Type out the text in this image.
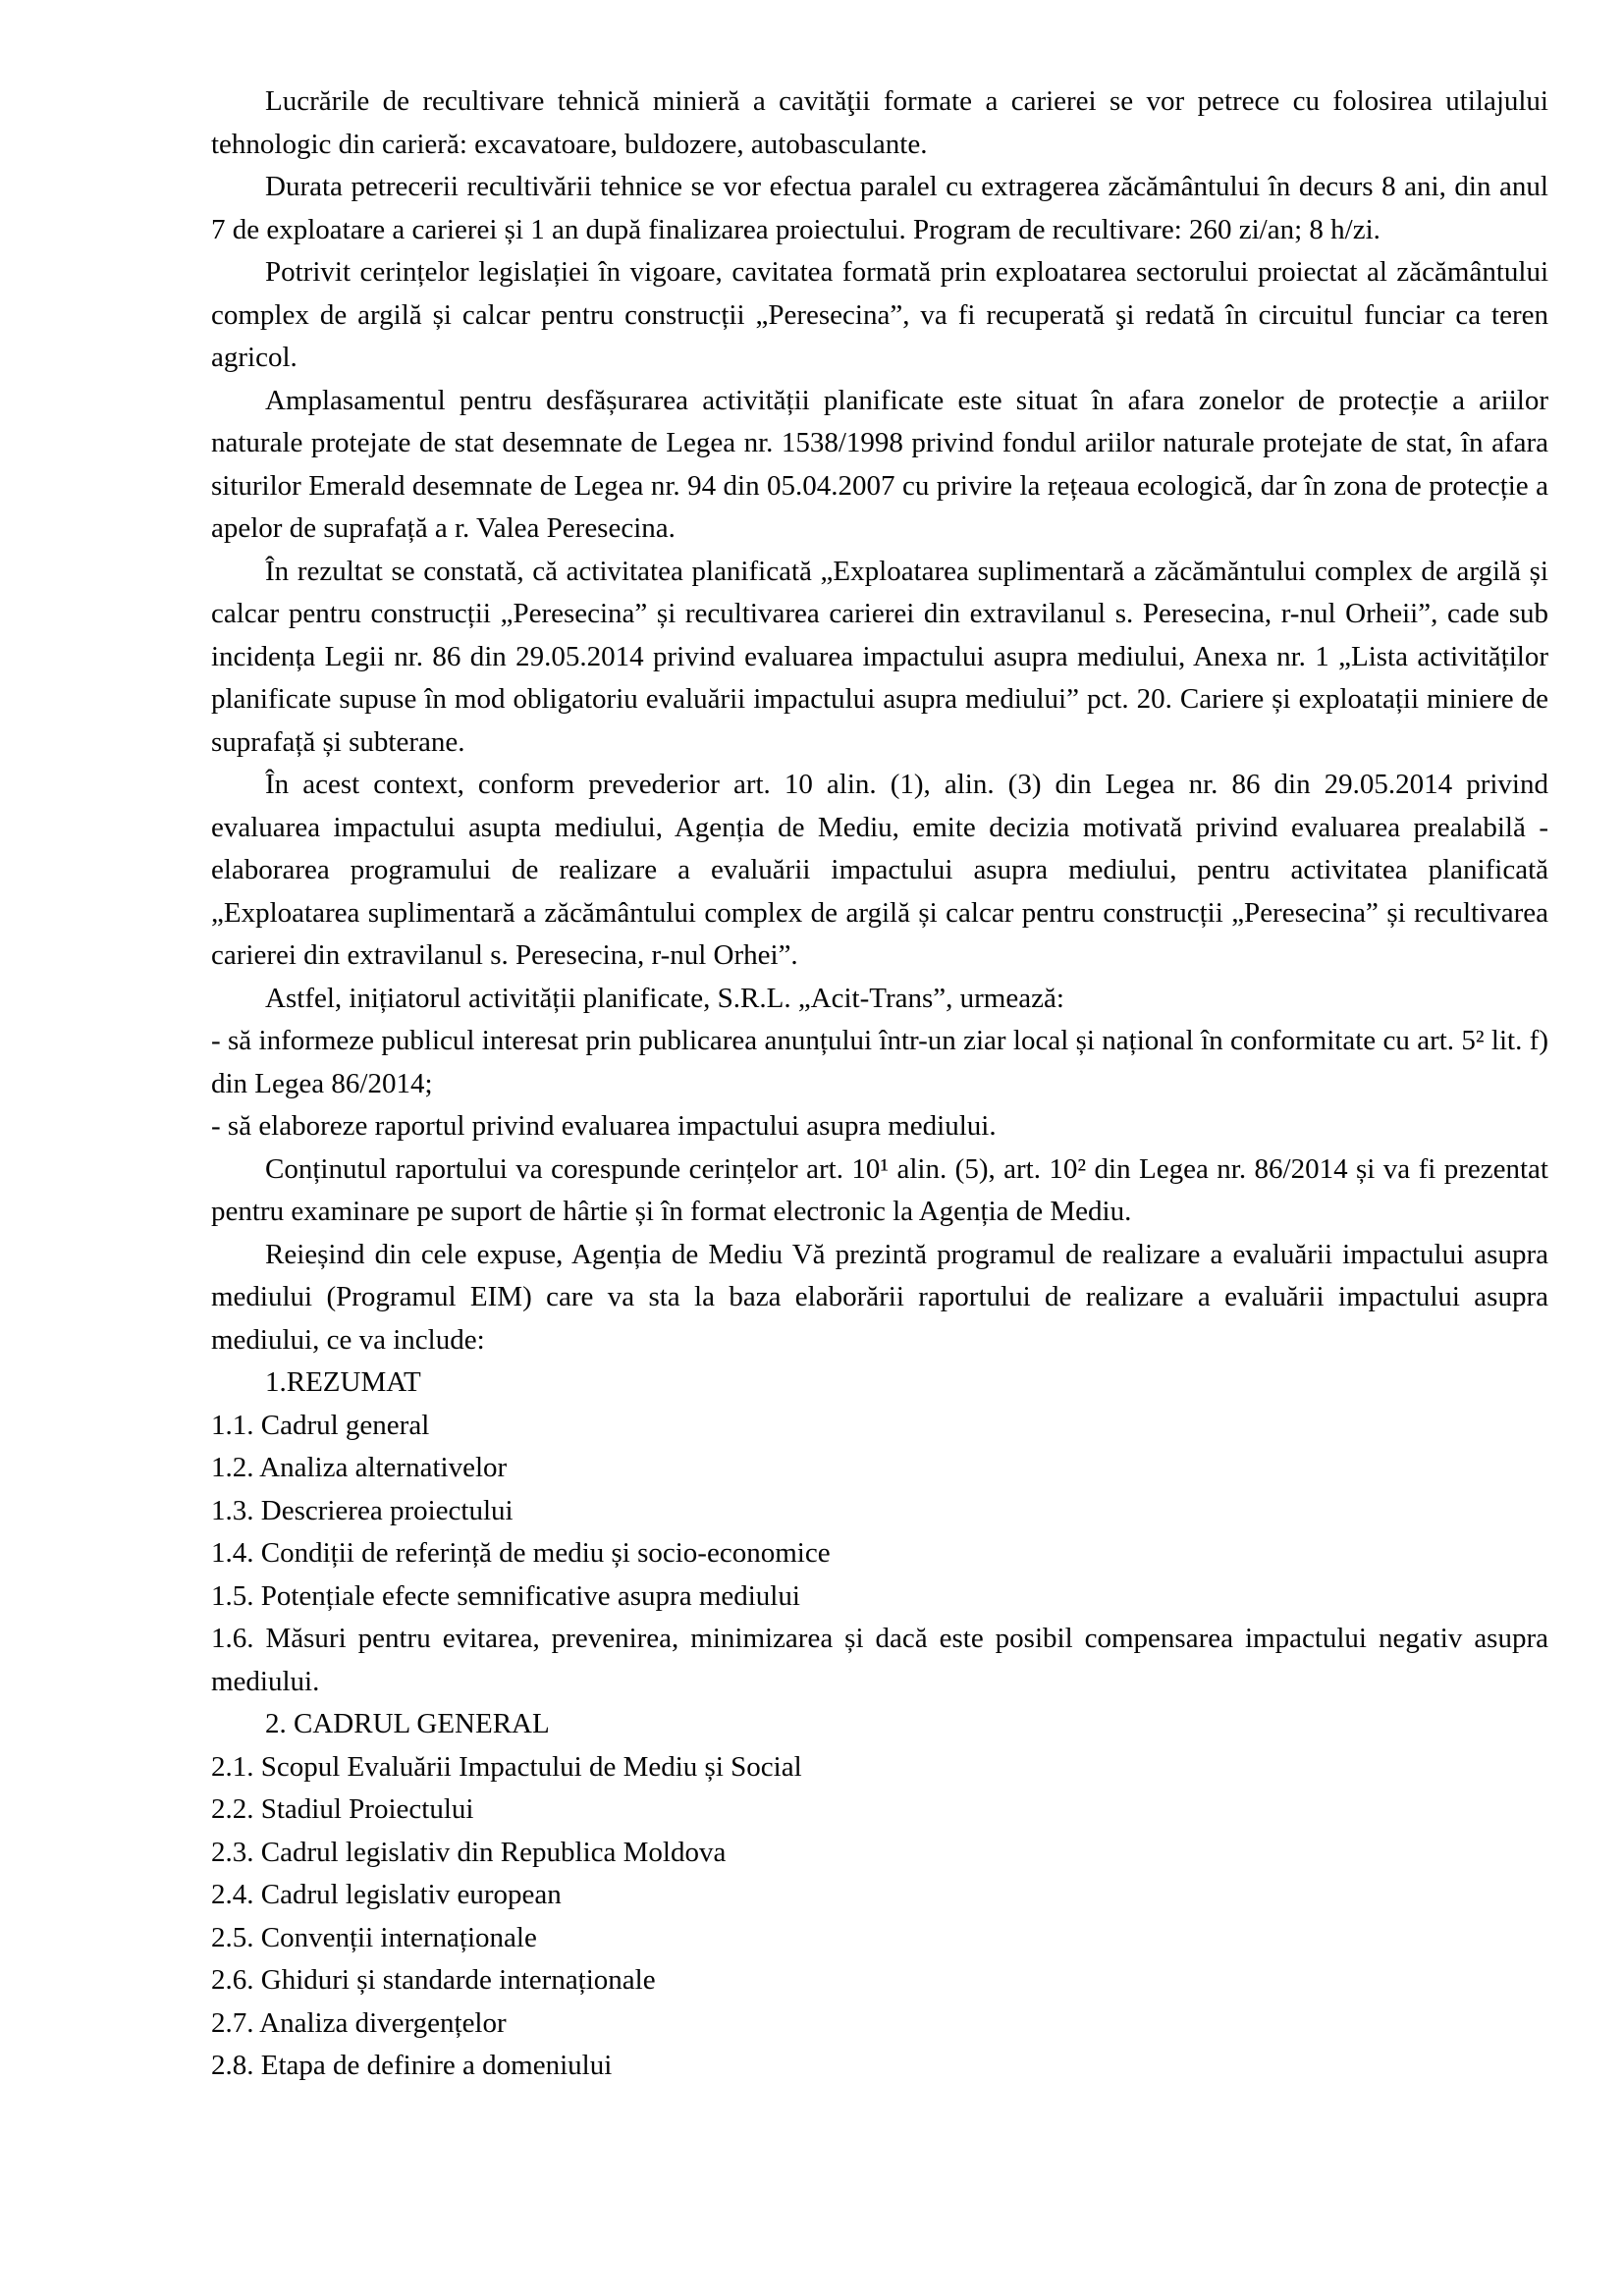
Lucrările de recultivare tehnică minieră a cavităţii formate a carierei se vor petrece cu folosirea utilajului tehnologic din carieră: excavatoare, buldozere, autobasculante.

Durata petrecerii recultivării tehnice se vor efectua paralel cu extragerea zăcământului în decurs 8 ani, din anul 7 de exploatare a carierei și 1 an după finalizarea proiectului. Program de recultivare: 260 zi/an; 8 h/zi.

Potrivit cerințelor legislației în vigoare, cavitatea formată prin exploatarea sectorului proiectat al zăcământului complex de argilă și calcar pentru construcții „Peresecina”, va fi recuperată şi redată în circuitul funciar ca teren agricol.

Amplasamentul pentru desfășurarea activității planificate este situat în afara zonelor de protecție a ariilor naturale protejate de stat desemnate de Legea nr. 1538/1998 privind fondul ariilor naturale protejate de stat, în afara siturilor Emerald desemnate de Legea nr. 94 din 05.04.2007 cu privire la rețeaua ecologică, dar în zona de protecție a apelor de suprafață a r. Valea Peresecina.

În rezultat se constată, că activitatea planificată „Exploatarea suplimentară a zăcămăntului complex de argilă și calcar pentru construcții „Peresecina” și recultivarea carierei din extravilanul s. Peresecina, r-nul Orheii”, cade sub incidența Legii nr. 86 din 29.05.2014 privind evaluarea impactului asupra mediului, Anexa nr. 1 „Lista activităților planificate supuse în mod obligatoriu evaluării impactului asupra mediului” pct. 20. Cariere și exploatații miniere de suprafață și subterane.

În acest context, conform prevederior art. 10 alin. (1), alin. (3) din Legea nr. 86 din 29.05.2014 privind evaluarea impactului asupta mediului, Agenția de Mediu, emite decizia motivată privind evaluarea prealabilă - elaborarea programului de realizare a evaluării impactului asupra mediului, pentru activitatea planificată „Exploatarea suplimentară a zăcământului complex de argilă și calcar pentru construcții „Peresecina” și recultivarea carierei din extravilanul s. Peresecina, r-nul Orhei”.

Astfel, inițiatorul activității planificate, S.R.L. „Acit-Trans”, urmează:

- să informeze publicul interesat prin publicarea anunțului într-un ziar local și național în conformitate cu art. 5² lit. f) din Legea 86/2014;

- să elaboreze raportul privind evaluarea impactului asupra mediului.

Conținutul raportului va corespunde cerințelor art. 10¹ alin. (5), art. 10² din Legea nr. 86/2014 și va fi prezentat pentru examinare pe suport de hârtie și în format electronic la Agenția de Mediu.

Reieșind din cele expuse, Agenția de Mediu Vă prezintă programul de realizare a evaluării impactului asupra mediului (Programul EIM) care va sta la baza elaborării raportului de realizare a evaluării impactului asupra mediului, ce va include:

1.REZUMAT

1.1. Cadrul general

1.2. Analiza alternativelor

1.3. Descrierea proiectului

1.4. Condiții de referință de mediu și socio-economice

1.5. Potențiale efecte semnificative asupra mediului

1.6. Măsuri pentru evitarea, prevenirea, minimizarea și dacă este posibil compensarea impactului negativ asupra mediului.

2. CADRUL GENERAL

2.1. Scopul Evaluării Impactului de Mediu și Social

2.2. Stadiul Proiectului

2.3. Cadrul legislativ din Republica Moldova

2.4. Cadrul legislativ european

2.5. Convenții internaționale

2.6. Ghiduri și standarde internaționale

2.7. Analiza divergențelor

2.8. Etapa de definire a domeniului
